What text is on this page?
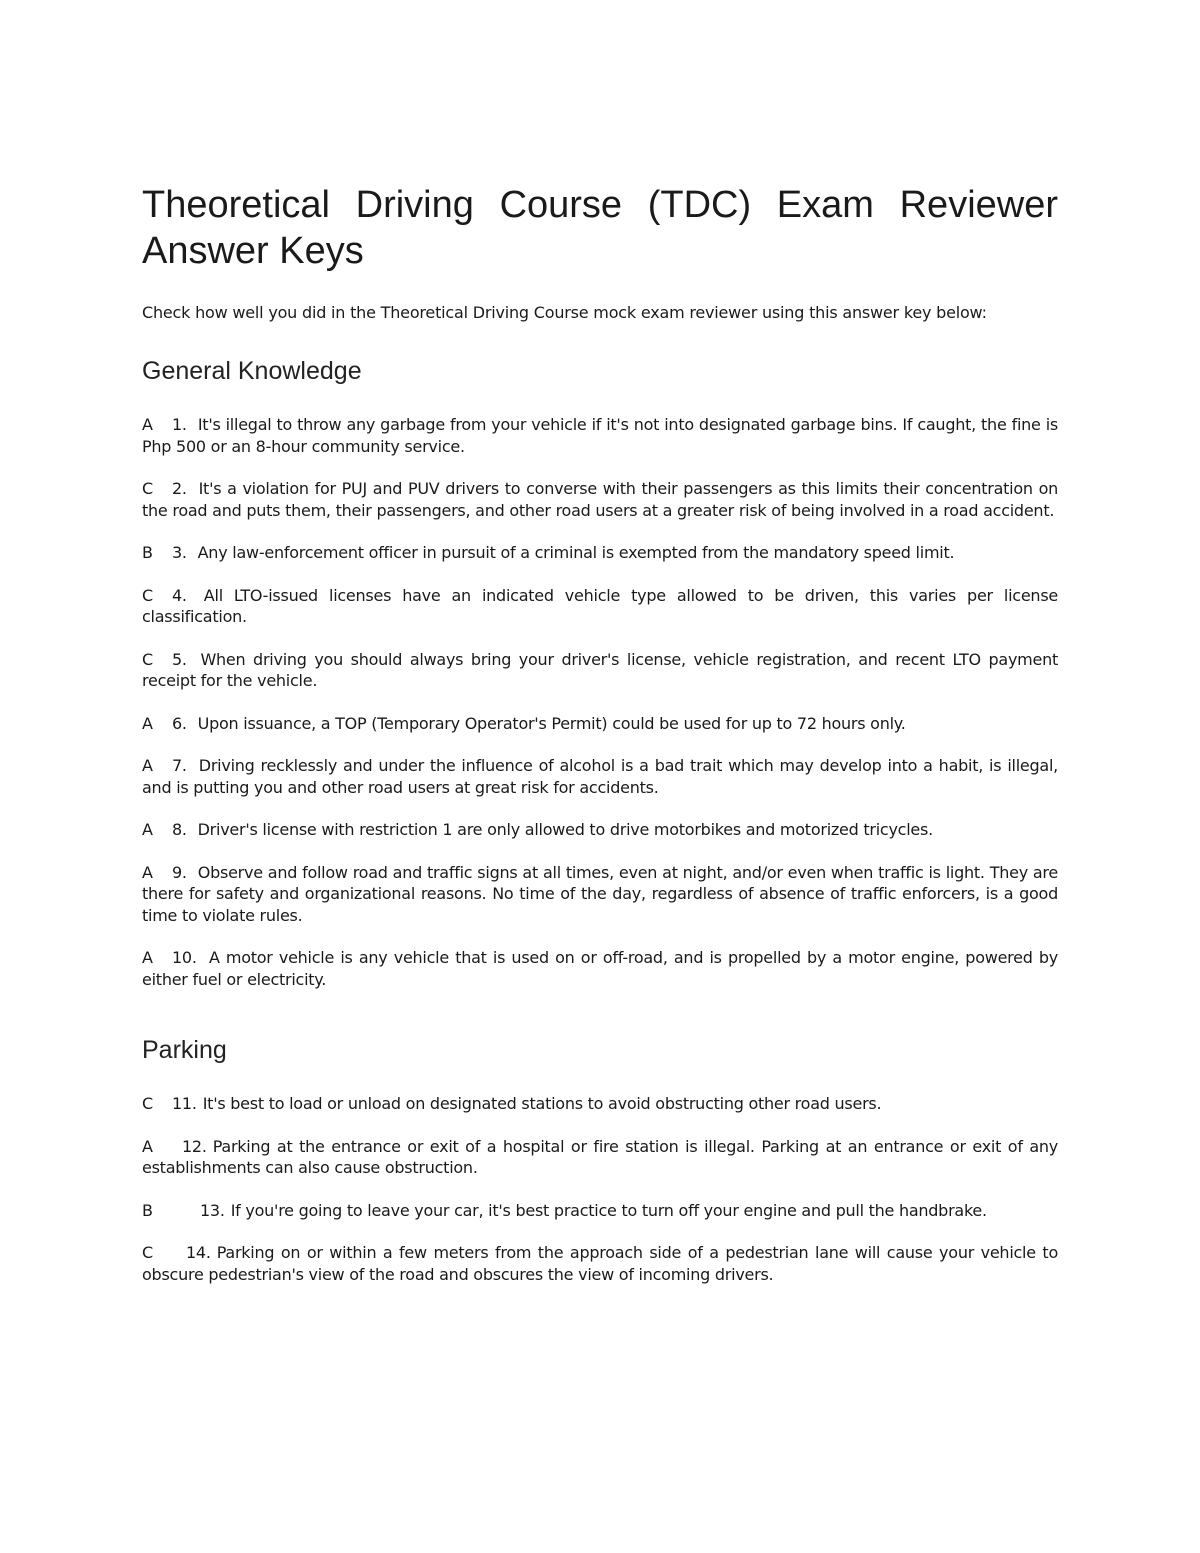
Theoretical Driving Course (TDC) Exam Reviewer Answer Keys

Check how well you did in the Theoretical Driving Course mock exam reviewer using this answer key below:

General Knowledge

A 1. It's illegal to throw any garbage from your vehicle if it's not into designated garbage bins. If caught, the fine is Php 500 or an 8-hour community service.

C 2. It's a violation for PUJ and PUV drivers to converse with their passengers as this limits their concentration on the road and puts them, their passengers, and other road users at a greater risk of being involved in a road accident.

B 3. Any law-enforcement officer in pursuit of a criminal is exempted from the mandatory speed limit.

C 4. All LTO-issued licenses have an indicated vehicle type allowed to be driven, this varies per license classification.

C 5. When driving you should always bring your driver's license, vehicle registration, and recent LTO payment receipt for the vehicle.

A 6. Upon issuance, a TOP (Temporary Operator's Permit) could be used for up to 72 hours only.

A 7. Driving recklessly and under the influence of alcohol is a bad trait which may develop into a habit, is illegal, and is putting you and other road users at great risk for accidents.

A 8. Driver's license with restriction 1 are only allowed to drive motorbikes and motorized tricycles.

A 9. Observe and follow road and traffic signs at all times, even at night, and/or even when traffic is light. They are there for safety and organizational reasons. No time of the day, regardless of absence of traffic enforcers, is a good time to violate rules.

A 10. A motor vehicle is any vehicle that is used on or off-road, and is propelled by a motor engine, powered by either fuel or electricity.

Parking

C 11. It's best to load or unload on designated stations to avoid obstructing other road users.

A 12. Parking at the entrance or exit of a hospital or fire station is illegal. Parking at an entrance or exit of any establishments can also cause obstruction.

B	13. If you're going to leave your car, it's best practice to turn off your engine and pull the handbrake.

C 14. Parking on or within a few meters from the approach side of a pedestrian lane will cause your vehicle to obscure pedestrian's view of the road and obscures the view of incoming drivers.
